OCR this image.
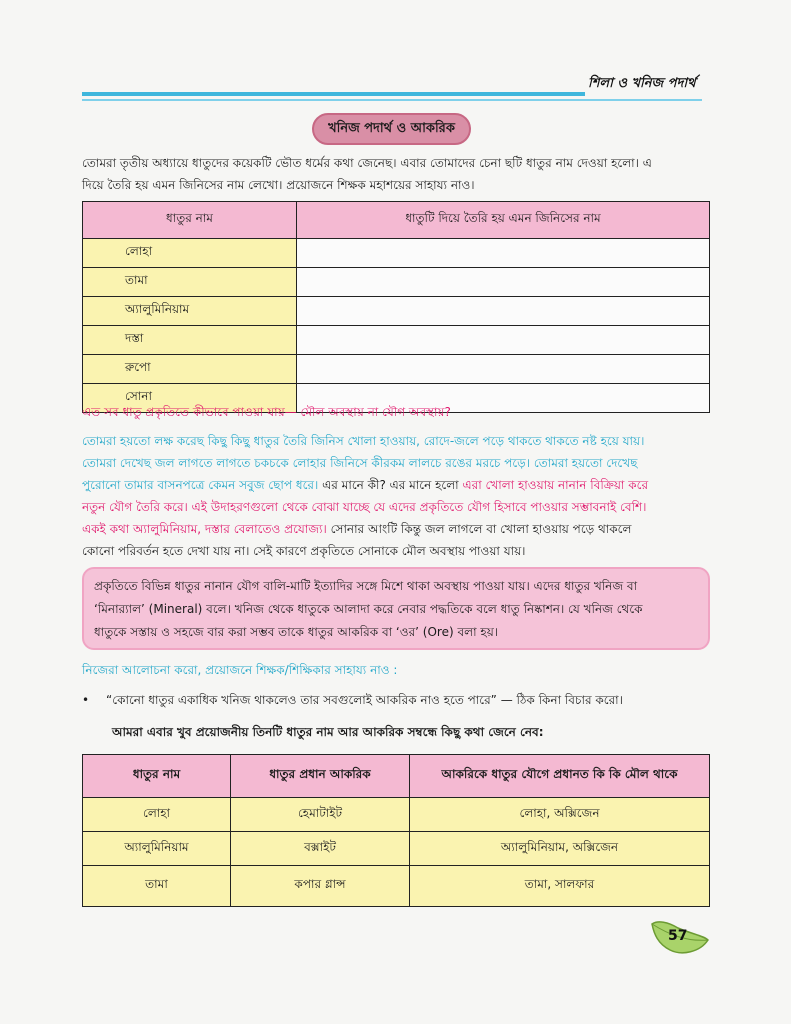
শিলা ও খনিজ পদার্থ
খনিজ পদার্থ ও আকরিক
তোমরা তৃতীয় অধ্যায়ে ধাতুদের কয়েকটি ভৌত ধর্মের কথা জেনেছ। এবার তোমাদের চেনা ছটি ধাতুর নাম দেওয়া হলো। এ
দিয়ে তৈরি হয় এমন জিনিসের নাম লেখো। প্রয়োজনে শিক্ষক মহাশয়ের সাহায্য নাও।
ধাতুর নাম	ধাতুটি দিয়ে তৈরি হয় এমন জিনিসের নাম
লোহা	
তামা	
অ্যালুমিনিয়াম	
দস্তা	
রুপো	
সোনা	
এত সব ধাতু প্রকৃতিতে কীভাবে পাওয়া যায়— মৌল অবস্থায় না যৌগ অবস্থায়?
তোমরা হয়তো লক্ষ করেছ কিছু কিছু ধাতুর তৈরি জিনিস খোলা হাওয়ায়, রোদে-জলে পড়ে থাকতে থাকতে নষ্ট হয়ে যায়।
তোমরা দেখেছ জল লাগতে লাগতে চকচকে লোহার জিনিসে কীরকম লালচে রঙের মরচে পড়ে। তোমরা হয়তো দেখেছ
পুরোনো তামার বাসনপত্রে কেমন সবুজ ছোপ ধরে। এর মানে কী? এর মানে হলো এরা খোলা হাওয়ায় নানান বিক্রিয়া করে
নতুন যৌগ তৈরি করে। এই উদাহরণগুলো থেকে বোঝা যাচ্ছে যে এদের প্রকৃতিতে যৌগ হিসাবে পাওয়ার সম্ভাবনাই বেশি।
একই কথা অ্যালুমিনিয়াম, দস্তার বেলাতেও প্রযোজ্য। সোনার আংটি কিন্তু জল লাগলে বা খোলা হাওয়ায় পড়ে থাকলে
কোনো পরিবর্তন হতে দেখা যায় না। সেই কারণে প্রকৃতিতে সোনাকে মৌল অবস্থায় পাওয়া যায়।
প্রকৃতিতে বিভিন্ন ধাতুর নানান যৌগ বালি-মাটি ইত্যাদির সঙ্গে মিশে থাকা অবস্থায় পাওয়া যায়। এদের ধাতুর খনিজ বা
‘মিনার‍্যাল’ (Mineral) বলে। খনিজ থেকে ধাতুকে আলাদা করে নেবার পদ্ধতিকে বলে ধাতু নিষ্কাশন। যে খনিজ থেকে
ধাতুকে সস্তায় ও সহজে বার করা সম্ভব তাকে ধাতুর আকরিক বা ‘ওর’ (Ore) বলা হয়।
নিজেরা আলোচনা করো, প্রয়োজনে শিক্ষক/শিক্ষিকার সাহায্য নাও :
• “কোনো ধাতুর একাধিক খনিজ থাকলেও তার সবগুলোই আকরিক নাও হতে পারে” — ঠিক কিনা বিচার করো।
আমরা এবার খুব প্রয়োজনীয় তিনটি ধাতুর নাম আর আকরিক সম্বন্ধে কিছু কথা জেনে নেব:
ধাতুর নাম	ধাতুর প্রধান আকরিক	আকরিকে ধাতুর যৌগে প্রধানত কি কি মৌল থাকে
লোহা	হেমাটাইট	লোহা, অক্সিজেন
অ্যালুমিনিয়াম	বক্সাইট	অ্যালুমিনিয়াম, অক্সিজেন
তামা	কপার গ্লান্স	তামা, সালফার
57
